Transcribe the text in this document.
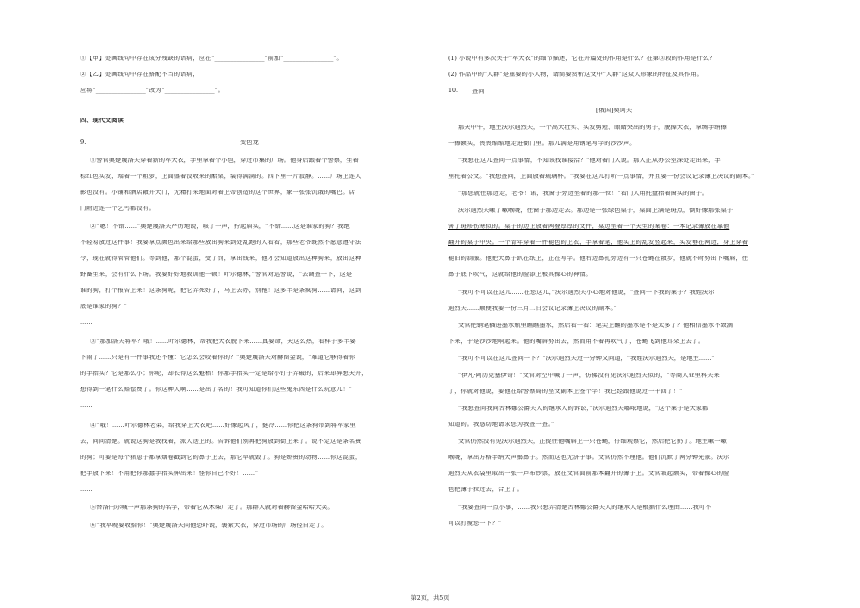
①【甲】处画线句中存在成分残缺的语病，应在“________________”前加“________________”。
②【乙】处画线句中存在搭配不当的语病，
应将“________________”改为“________________”。
四、现代文阅读
9.	变色龙
①警官奥楚蔑洛夫穿着新的军大衣，手里拿着个小包，穿过市集的广场。他身后跟着个警察，生着
棕红色头发，端着一个粗箩，上面盛着没收来的醋栗，装得满满的。四下里一片寂静。……广场上连人
影也没有。小铺和酒店敞开大门，无精打采地面对着上帝创造的这个世界，象一张张饥饿的嘴巴。店
门附近连一个乞丐都没有。
②“嗯！不错……”奥楚蔑洛夫严厉地说，咳了一声，拧起眉头，“不错……这是谁家的狗？我绝
不轻易放过这件事！我要拿点颜色出来给那些放出狗来到处乱跑的人看看，那些老爷既然不愿意遵守法
令，现在就得管管他们。等到他，那个混蛋，受了罚，拿出钱来，他才会知道放出这种狗来，放出这种
野畜生来，会有什么下场。我要好好地教训他一顿！叶尔德林，”警官对巡警说，“去调查一下，这是
谁的狗，打个报告上来！这条狗呢，把它弄死好了，马上去办，别拖！这多半是条疯狗……请问，这到
底是谁家的狗？”
……
③“那加洛夫将军？哦！……叶尔德林，帮我把大衣脱下来……真要命，天这么热，看样子多半要
下雨了……只是有一件事我还不懂：它怎么会咬着你的？”奥楚蔑洛夫对赫留金说，“难道它够得着你
的手指头？它是那么小；你呢，却长得这么魁梧！你那手指头一定是给小钉子弄破的，后来却异想天开，
想得到一笔什么赔偿费了。你这种人啊……是出了名的！我可知道你们这些鬼东西是什么玩意儿！”
……
④“哦！……叶尔德林老弟，给我穿上大衣吧……好像起风了，挺冷……你把这条狗带到将军家里
去，问问清楚。就说这狗是我找着，派人送上的。告诉他们别再把狗放到街上来了。说不定这是条名贵
的狗；可要是每个猪崽子都拿烟卷戳到它的鼻子上去，那它早就毁了。狗是娇贵的动物……你这混蛋，
把手放下来！不用把你那蠢手指头伸出来！怪你自己不好！……”
……
⑤替洛闩尔喊一声那条狗的名字，带着它从木柴厂走了。那群人就对着赫留金哈哈大笑。
⑥“我早晚要收拾你！”奥楚蔑洛夫向他恐吓说，裹紧大衣，穿过市场的广场径自走了。
(1) 小说中有多次关于“军大衣”的细节描述，它在开篇处的作用是什么？在第③段的作用是什么？
(2) 作品中的“人群”是重要的小人物，请简要赏析这文中“人群”这众人形象的特征及其作用。
10.	查问
[俄国]契诃夫
那天中午，地主沃尔迪烈夫，一个高大壮实、头发剪短、眼睛突出的男子，脱掉大衣，拿绸手绢擦
一擦额头，畏畏缩缩地走进衙门里。那儿满是用钢笔写字的沙沙声。
“我想在这儿查问一点事情，不知该找谁接洽？”他对着门人说。那人正从办公室深处走出来，手
里托着公文。“我想查问，上面放着琉璃杯。“我要在这儿打听一点事情，并且要一份会议记录簿上决议的副本。”
“那您就往那边走，老爷！诺，我窗子旁边坐着的那一位！”看门人用托盘指着窗头的窗子。
沃尔迪烈夫嗽了嗽喉咙，往窗子那边走去。那边是一张绿色桌子，桌面上满是斑点，倒好像那张桌子
害了斑疹伤寒似的。桌子的边上放着两叠厚厚的文件，桌边坐着一个天生的案卷：一本记录簿放在靠他
翻开的桌子中央。一个青年穿着一件褪色的上衣，手拿着笔，他头上的乱发竖起来，头发垂在两边，身上穿着
褪旧的制服。他把大鼻子趴在纸上，正在写字。他右边鼻孔旁边有一只苍蝇在散步，他就不时努出下嘴唇，往
鼻子底下吹气，这就给他的脸添上极其操心的神情。
“我可不可以在这儿……在您这儿，”沃尔迪烈夫小心地对他说，“查问一下我的案子？我姓沃尔
迪烈夫……顺便我要一份三月二日会议记录簿上决议的副本。”
文官把钢笔插进墨水瓶里瞧瞧墨水，然后看一看：笔尖上蘸的墨水是不是太多了？他相信墨水不致滴
下来，于是沙沙地响起来。他的嘴唇努出去，然而用不着再吹气了，苍蝇飞到他耳朵上去了。
“我可不可以在这儿查问一下？”沃尔迪烈夫过一分钟又问道，“我姓沃尔迪烈夫，是地主……”
“伊凡·阿历克塞伊奇！”文官对空中喊了一声，仿佛没有见沃尔迪烈夫似的，“等商人亚里科夫来
了，你就对他说，要他在给警察局的呈文副本上签个字！我已经跟他说过一千回了！”
“我想查问我同古林娜公爵夫人的继承人的诉讼，”沃尔迪烈夫嘟哝地说，“这个案子是大家都
知道的。我恳切地请求您为我查一查。”
文官仍然没有见沃尔迪烈夫，正捉住他嘴唇上一只苍蝇，仔细观察它，然后把它扔了。地主嗽一嗽
喉咙，拿出方格手绢大声擤鼻子。然而这也无济于事。文官仍然不理他。他们沉默了两分钟光景。沃尔
迪烈夫从衣袋里取出一张一卢布钞票，放在文官面前那本翻开的簿子上。文官皱起额头，带着操心的脸
色把簿子拉过去，合上了。
“我要查问一点小事，……我只想弄清楚古林娜公爵夫人的继承人是根据什么理由……我可不
可以打搅您一下？”
第2页，共5页
